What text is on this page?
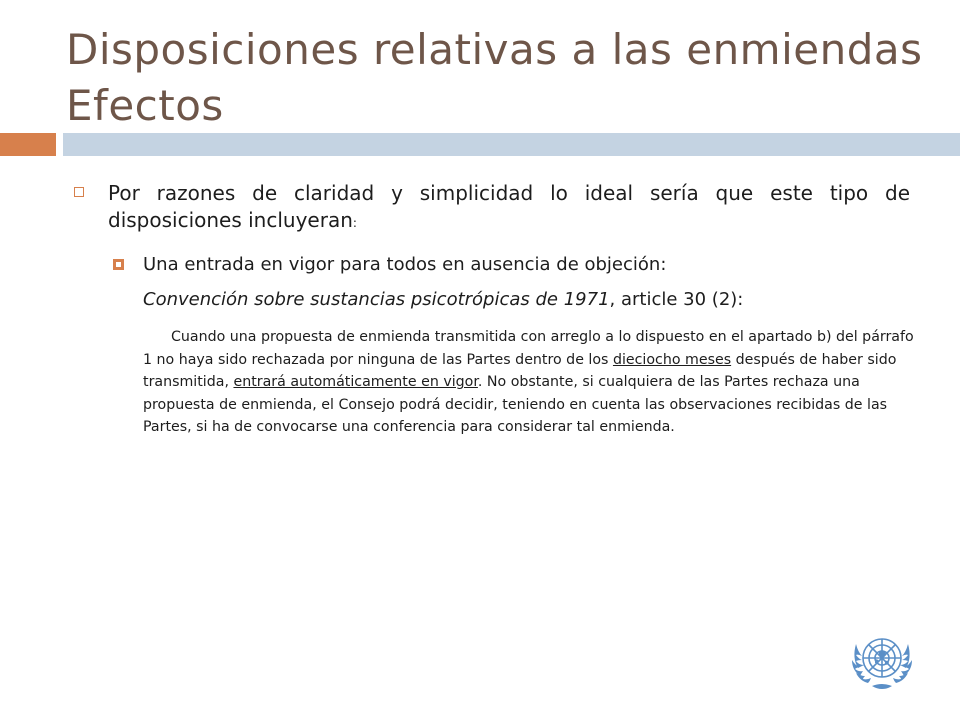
Disposiciones relativas a las enmiendas
Efectos
Por razones de claridad y simplicidad lo ideal sería que este tipo de disposiciones incluyeran:
Una entrada en vigor para todos en ausencia de objeción:
Convención sobre sustancias psicotrópicas de 1971, article 30 (2):
Cuando una propuesta de enmienda transmitida con arreglo a lo dispuesto en el apartado b) del párrafo 1 no haya sido rechazada por ninguna de las Partes dentro de los dieciocho meses después de haber sido transmitida, entrará automáticamente en vigor. No obstante, si cualquiera de las Partes rechaza una propuesta de enmienda, el Consejo podrá decidir, teniendo en cuenta las observaciones recibidas de las Partes, si ha de convocarse una conferencia para considerar tal enmienda.
